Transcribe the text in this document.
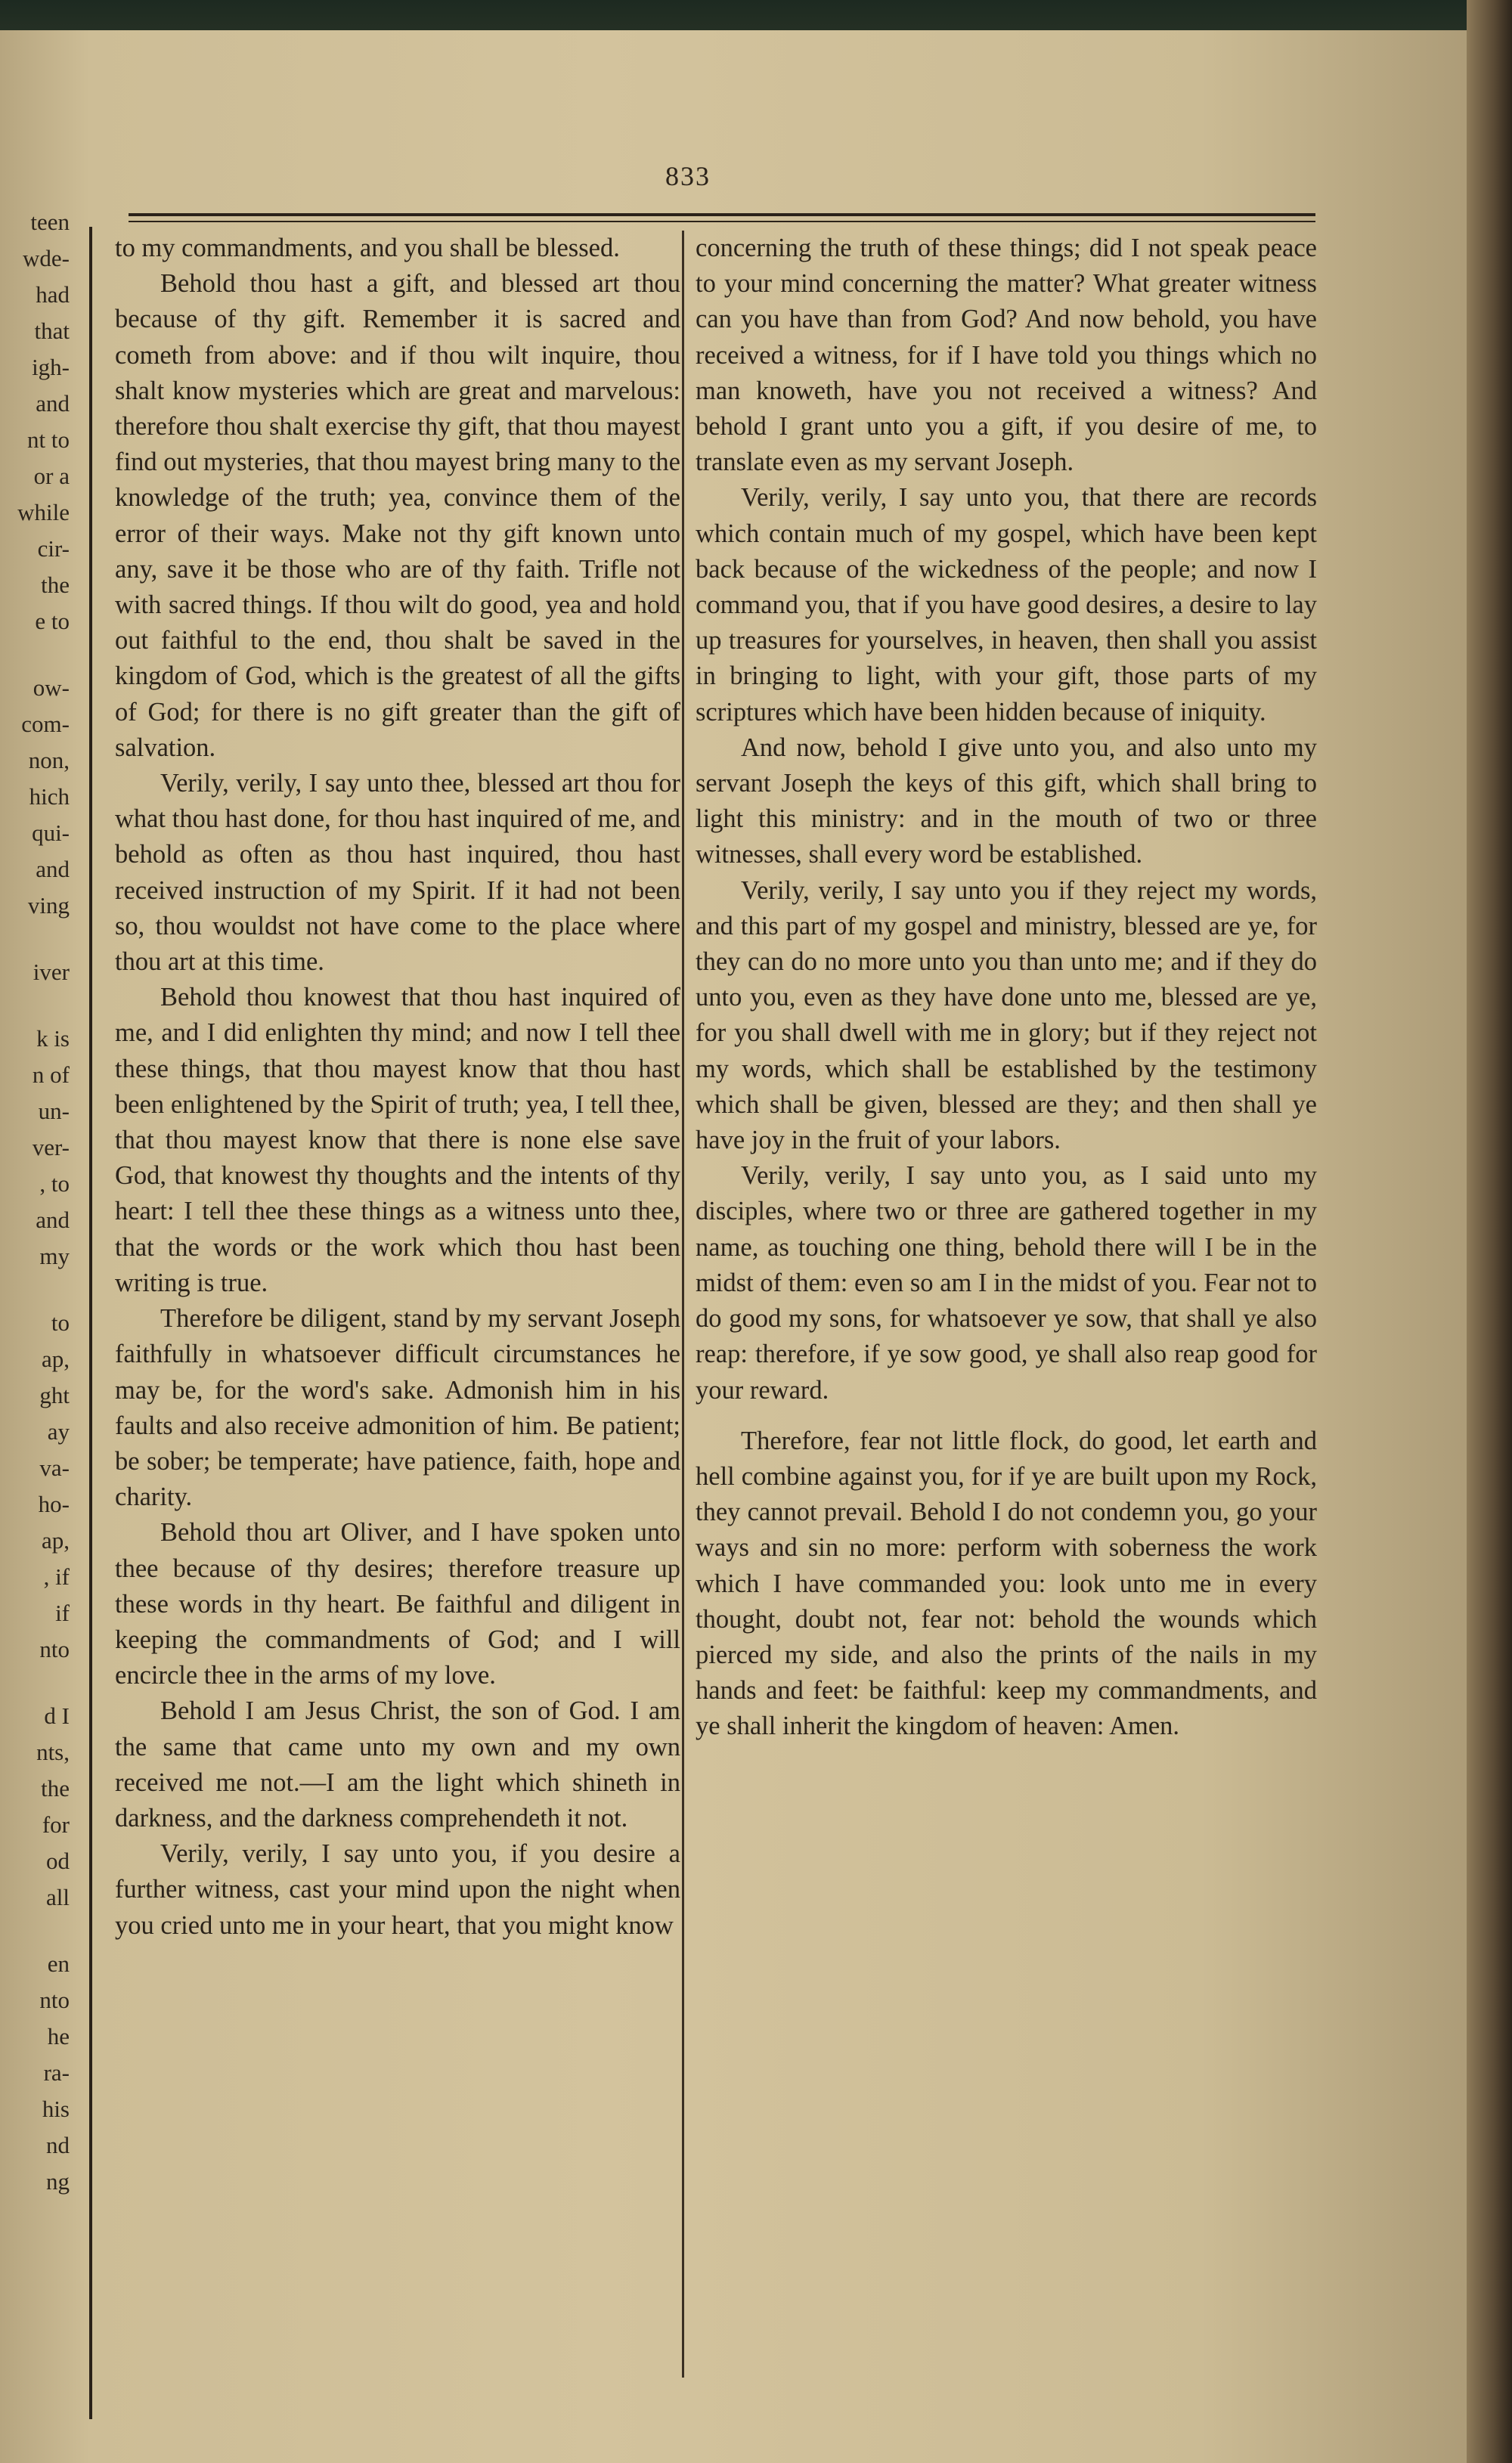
teen
wde-
had
that
igh-
and
nt to
or a
while
cir-
the
e to
ow-
com-
non,
hich
qui-
and
ving
iver
k is
n of
un-
ver-
, to
and
my
to
ap,
ght
ay
va-
ho-
ap,
, if
if
nto
d I
nts,
the
for
od
all
en
nto
he
ra-
his
nd
ng
833

to my commandments, and you shall be blessed.

Behold thou hast a gift, and blessed art thou because of thy gift. Remember it is sacred and cometh from above: and if thou wilt inquire, thou shalt know mysteries which are great and marvelous: therefore thou shalt exercise thy gift, that thou mayest find out mysteries, that thou mayest bring many to the knowledge of the truth; yea, convince them of the error of their ways. Make not thy gift known unto any, save it be those who are of thy faith. Trifle not with sacred things. If thou wilt do good, yea and hold out faithful to the end, thou shalt be saved in the kingdom of God, which is the greatest of all the gifts of God; for there is no gift greater than the gift of salvation.

Verily, verily, I say unto thee, blessed art thou for what thou hast done, for thou hast inquired of me, and behold as often as thou hast inquired, thou hast received instruction of my Spirit. If it had not been so, thou wouldst not have come to the place where thou art at this time.

Behold thou knowest that thou hast inquired of me, and I did enlighten thy mind; and now I tell thee these things, that thou mayest know that thou hast been enlightened by the Spirit of truth; yea, I tell thee, that thou mayest know that there is none else save God, that knowest thy thoughts and the intents of thy heart: I tell thee these things as a witness unto thee, that the words or the work which thou hast been writing is true.

Therefore be diligent, stand by my servant Joseph faithfully in whatsoever difficult circumstances he may be, for the word's sake. Admonish him in his faults and also receive admonition of him. Be patient; be sober; be temperate; have patience, faith, hope and charity.

Behold thou art Oliver, and I have spoken unto thee because of thy desires; therefore treasure up these words in thy heart. Be faithful and diligent in keeping the commandments of God; and I will encircle thee in the arms of my love.

Behold I am Jesus Christ, the son of God. I am the same that came unto my own and my own received me not.—I am the light which shineth in darkness, and the darkness comprehendeth it not.

Verily, verily, I say unto you, if you desire a further witness, cast your mind upon the night when you cried unto me in your heart, that you might know

concerning the truth of these things; did I not speak peace to your mind concerning the matter? What greater witness can you have than from God? And now behold, you have received a witness, for if I have told you things which no man knoweth, have you not received a witness? And behold I grant unto you a gift, if you desire of me, to translate even as my servant Joseph.

Verily, verily, I say unto you, that there are records which contain much of my gospel, which have been kept back because of the wickedness of the people; and now I command you, that if you have good desires, a desire to lay up treasures for yourselves, in heaven, then shall you assist in bringing to light, with your gift, those parts of my scriptures which have been hidden because of iniquity.

And now, behold I give unto you, and also unto my servant Joseph the keys of this gift, which shall bring to light this ministry: and in the mouth of two or three witnesses, shall every word be established.

Verily, verily, I say unto you if they reject my words, and this part of my gospel and ministry, blessed are ye, for they can do no more unto you than unto me; and if they do unto you, even as they have done unto me, blessed are ye, for you shall dwell with me in glory; but if they reject not my words, which shall be established by the testimony which shall be given, blessed are they; and then shall ye have joy in the fruit of your labors.

Verily, verily, I say unto you, as I said unto my disciples, where two or three are gathered together in my name, as touching one thing, behold there will I be in the midst of them: even so am I in the midst of you. Fear not to do good my sons, for whatsoever ye sow, that shall ye also reap: therefore, if ye sow good, ye shall also reap good for your reward.

Therefore, fear not little flock, do good, let earth and hell combine against you, for if ye are built upon my Rock, they cannot prevail. Behold I do not condemn you, go your ways and sin no more: perform with soberness the work which I have commanded you: look unto me in every thought, doubt not, fear not: behold the wounds which pierced my side, and also the prints of the nails in my hands and feet: be faithful: keep my commandments, and ye shall inherit the kingdom of heaven: Amen.
